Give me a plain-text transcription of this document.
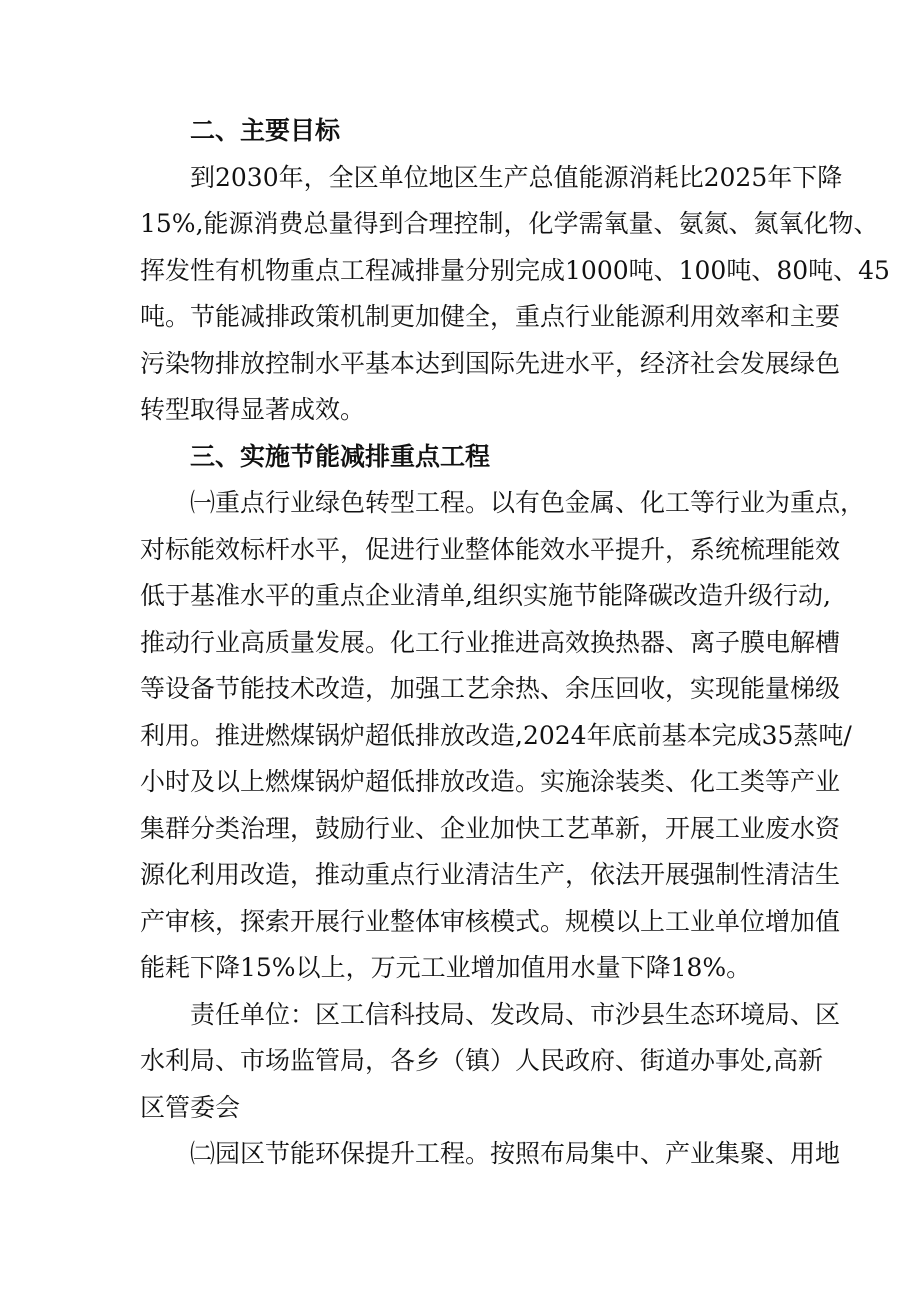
二、主要目标

到2030年，全区单位地区生产总值能源消耗比2025年下降
15%,能源消费总量得到合理控制，化学需氧量、氨氮、氮氧化物、
挥发性有机物重点工程减排量分别完成1000吨、100吨、80吨、45
吨。节能减排政策机制更加健全，重点行业能源利用效率和主要
污染物排放控制水平基本达到国际先进水平，经济社会发展绿色
转型取得显著成效。

三、实施节能减排重点工程

㈠重点行业绿色转型工程。以有色金属、化工等行业为重点，
对标能效标杆水平，促进行业整体能效水平提升，系统梳理能效
低于基准水平的重点企业清单,组织实施节能降碳改造升级行动,
推动行业高质量发展。化工行业推进高效换热器、离子膜电解槽
等设备节能技术改造，加强工艺余热、余压回收，实现能量梯级
利用。推进燃煤锅炉超低排放改造,2024年底前基本完成35蒸吨/
小时及以上燃煤锅炉超低排放改造。实施涂装类、化工类等产业
集群分类治理，鼓励行业、企业加快工艺革新，开展工业废水资
源化利用改造，推动重点行业清洁生产，依法开展强制性清洁生
产审核，探索开展行业整体审核模式。规模以上工业单位增加值
能耗下降15%以上，万元工业增加值用水量下降18%。
责任单位：区工信科技局、发改局、市沙县生态环境局、区
水利局、市场监管局，各乡（镇）人民政府、街道办事处,高新
区管委会
㈡园区节能环保提升工程。按照布局集中、产业集聚、用地
